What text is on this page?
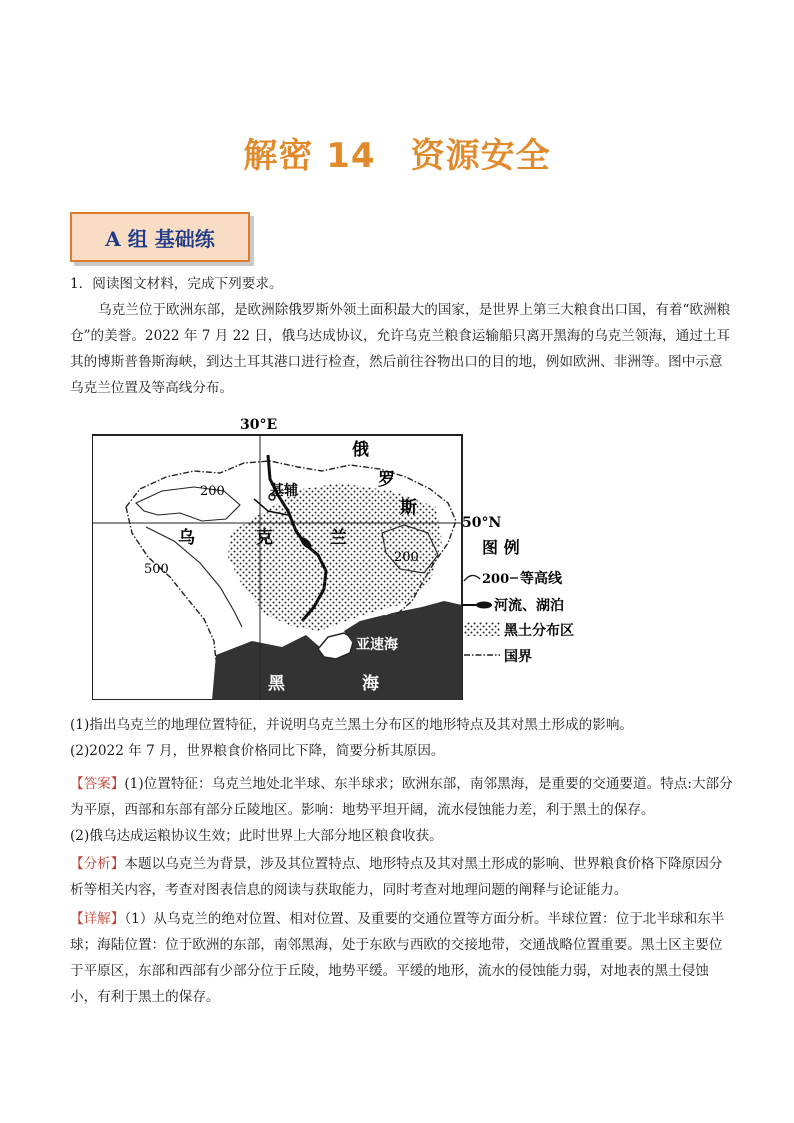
解密 14　资源安全
A 组 基础练
1．阅读图文材料，完成下列要求。
乌克兰位于欧洲东部，是欧洲除俄罗斯外领土面积最大的国家，是世界上第三大粮食出口国，有着“欧洲粮仓”的美誉。2022 年 7 月 22 日，俄乌达成协议，允许乌克兰粮食运输船只离开黑海的乌克兰领海，通过土耳其的博斯普鲁斯海峡，到达土耳其港口进行检查，然后前往谷物出口的目的地，例如欧洲、非洲等。图中示意乌克兰位置及等高线分布。
30°E
50°N
俄
罗
斯
基辅
乌	克	兰
200
500
200
亚速海
黑	海
图 例
200 等高线
河流、湖泊
黑土分布区
国界
(1)指出乌克兰的地理位置特征，并说明乌克兰黑土分布区的地形特点及其对黑土形成的影响。
(2)2022 年 7 月，世界粮食价格同比下降，简要分析其原因。
【答案】(1)位置特征：乌克兰地处北半球、东半球求；欧洲东部，南邻黑海，是重要的交通要道。特点:大部分为平原，西部和东部有部分丘陵地区。影响：地势平坦开阔，流水侵蚀能力差，利于黑土的保存。
(2)俄乌达成运粮协议生效；此时世界上大部分地区粮食收获。
【分析】本题以乌克兰为背景，涉及其位置特点、地形特点及其对黑土形成的影响、世界粮食价格下降原因分析等相关内容，考查对图表信息的阅读与获取能力，同时考查对地理问题的阐释与论证能力。
【详解】（1）从乌克兰的绝对位置、相对位置、及重要的交通位置等方面分析。半球位置：位于北半球和东半球；海陆位置：位于欧洲的东部，南邻黑海，处于东欧与西欧的交接地带，交通战略位置重要。黑土区主要位于平原区，东部和西部有少部分位于丘陵，地势平缓。平缓的地形，流水的侵蚀能力弱，对地表的黑土侵蚀小，有利于黑土的保存。
